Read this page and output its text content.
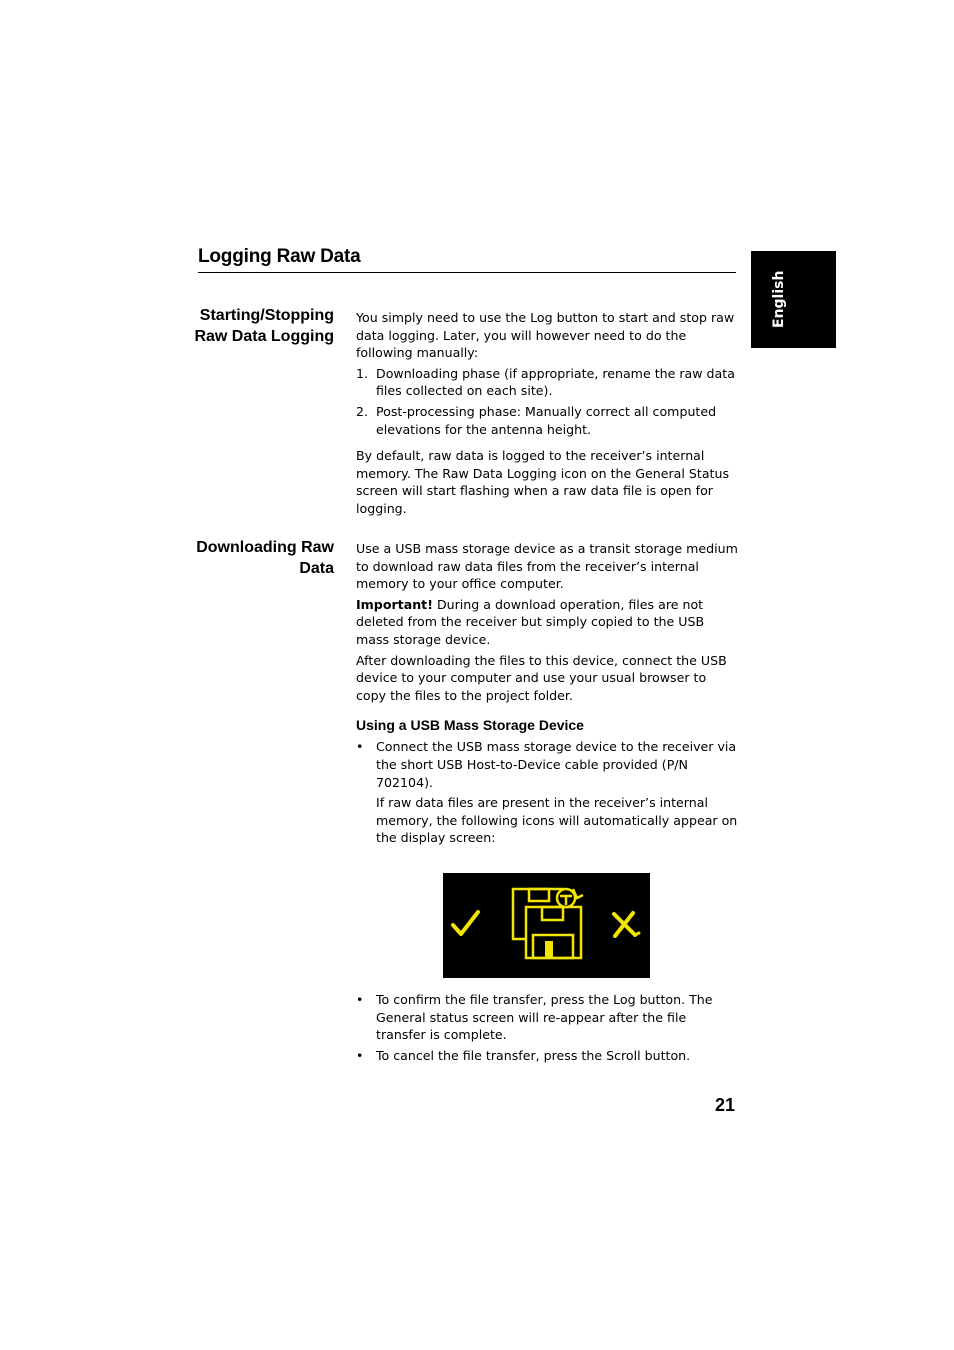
Logging Raw Data
English
Starting/Stopping
Raw Data Logging

You simply need to use the Log button to start and stop raw data logging. Later, you will however need to do the following manually:

1. Downloading phase (if appropriate, rename the raw data files collected on each site).
2. Post-processing phase: Manually correct all computed elevations for the antenna height.

By default, raw data is logged to the receiver’s internal memory. The Raw Data Logging icon on the General Status screen will start flashing when a raw data file is open for logging.

Downloading Raw
Data

Use a USB mass storage device as a transit storage medium to download raw data files from the receiver’s internal memory to your office computer.

Important! During a download operation, files are not deleted from the receiver but simply copied to the USB mass storage device.

After downloading the files to this device, connect the USB device to your computer and use your usual browser to copy the files to the project folder.

Using a USB Mass Storage Device
• Connect the USB mass storage device to the receiver via the short USB Host-to-Device cable provided (P/N 702104).

If raw data files are present in the receiver’s internal memory, the following icons will automatically appear on the display screen:

• To confirm the file transfer, press the Log button. The General status screen will re-appear after the file transfer is complete.
• To cancel the file transfer, press the Scroll button.
21
